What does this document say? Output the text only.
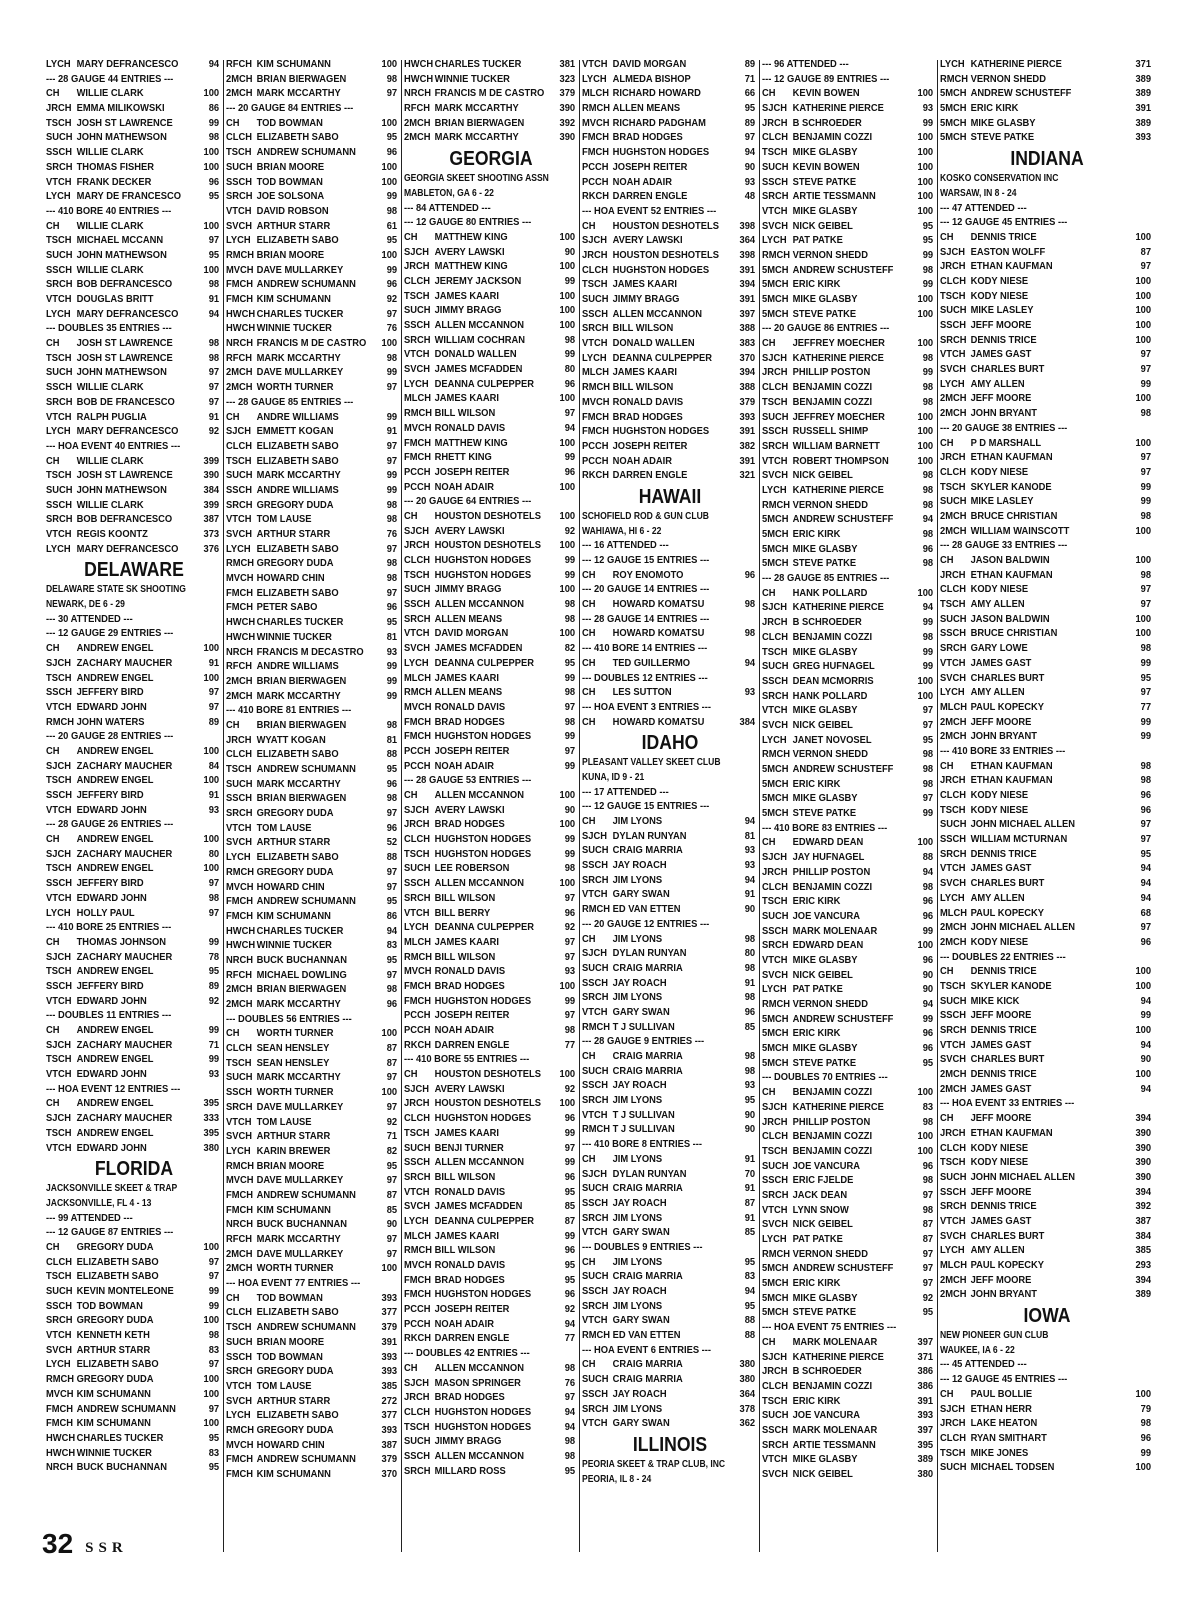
LYCH MARY DEFRANCESCO	94
--- 28 GAUGE 44 ENTRIES ---
CH	WILLIE CLARK	100
JRCH EMMA MILIKOWSKI	86
TSCH JOSH ST LAWRENCE	99
SUCH JOHN MATHEWSON	98
SSCH WILLIE CLARK	100
SRCH THOMAS FISHER	100
VTCH FRANK DECKER	96
LYCH MARY DE FRANCESCO	95
--- 410 BORE 40 ENTRIES ---
CH	WILLIE CLARK	100
TSCH MICHAEL MCCANN	97
SUCH JOHN MATHEWSON	95
SSCH WILLIE CLARK	100
SRCH BOB DEFRANCESCO	98
VTCH DOUGLAS BRITT	91
LYCH MARY DEFRANCESCO	94
--- DOUBLES 35 ENTRIES ---
CH	JOSH ST LAWRENCE	98
TSCH JOSH ST LAWRENCE	98
SUCH JOHN MATHEWSON	97
SSCH WILLIE CLARK	97
SRCH BOB DE FRANCESCO	97
VTCH RALPH PUGLIA	91
LYCH MARY DEFRANCESCO	92
--- HOA EVENT 40 ENTRIES ---
CH	WILLIE CLARK	399
TSCH JOSH ST LAWRENCE	390
SUCH JOHN MATHEWSON	384
SSCH WILLIE CLARK	399
SRCH BOB DEFRANCESCO	387
VTCH REGIS KOONTZ	373
LYCH MARY DEFRANCESCO	376
DELAWARE
DELAWARE STATE SK SHOOTING
NEWARK, DE 6 - 29
--- 30 ATTENDED ---
--- 12 GAUGE 29 ENTRIES ---
CH	ANDREW ENGEL	100
SJCH ZACHARY MAUCHER	91
TSCH ANDREW ENGEL	100
SSCH JEFFERY BIRD	97
VTCH EDWARD JOHN	97
RMCH JOHN WATERS	89
--- 20 GAUGE 28 ENTRIES ---
CH	ANDREW ENGEL	100
SJCH ZACHARY MAUCHER	84
TSCH ANDREW ENGEL	100
SSCH JEFFERY BIRD	91
VTCH EDWARD JOHN	93
--- 28 GAUGE 26 ENTRIES ---
CH	ANDREW ENGEL	100
SJCH ZACHARY MAUCHER	80
TSCH ANDREW ENGEL	100
SSCH JEFFERY BIRD	97
VTCH EDWARD JOHN	98
LYCH HOLLY PAUL	97
--- 410 BORE 25 ENTRIES ---
CH	THOMAS JOHNSON	99
SJCH ZACHARY MAUCHER	78
TSCH ANDREW ENGEL	95
SSCH JEFFERY BIRD	89
VTCH EDWARD JOHN	92
--- DOUBLES 11 ENTRIES ---
CH	ANDREW ENGEL	99
SJCH ZACHARY MAUCHER	71
TSCH ANDREW ENGEL	99
VTCH EDWARD JOHN	93
--- HOA EVENT 12 ENTRIES ---
CH	ANDREW ENGEL	395
SJCH ZACHARY MAUCHER	333
TSCH ANDREW ENGEL	395
VTCH EDWARD JOHN	380
FLORIDA
JACKSONVILLE SKEET & TRAP
JACKSONVILLE, FL 4 - 13
--- 99 ATTENDED ---
--- 12 GAUGE 87 ENTRIES ---
CH	GREGORY DUDA	100
CLCH ELIZABETH SABO	97
TSCH ELIZABETH SABO	97
SUCH KEVIN MONTELEONE	99
SSCH TOD BOWMAN	99
SRCH GREGORY DUDA	100
VTCH KENNETH KETH	98
SVCH ARTHUR STARR	83
LYCH ELIZABETH SABO	97
RMCH GREGORY DUDA	100
MVCH KIM SCHUMANN	100
FMCH ANDREW SCHUMANN	97
FMCH KIM SCHUMANN	100
HWCH CHARLES TUCKER	95
HWCH WINNIE TUCKER	83
NRCH BUCK BUCHANNAN	95
RFCH KIM SCHUMANN	100
2MCH BRIAN BIERWAGEN	98
2MCH MARK MCCARTHY	97
--- 20 GAUGE 84 ENTRIES ---
CH	TOD BOWMAN	100
CLCH ELIZABETH SABO	95
TSCH ANDREW SCHUMANN	96
SUCH BRIAN MOORE	100
SSCH TOD BOWMAN	100
SRCH JOE SOLSONA	99
VTCH DAVID ROBSON	98
SVCH ARTHUR STARR	61
LYCH ELIZABETH SABO	95
RMCH BRIAN MOORE	100
MVCH DAVE MULLARKEY	99
FMCH ANDREW SCHUMANN	96
FMCH KIM SCHUMANN	92
HWCH CHARLES TUCKER	97
HWCH WINNIE TUCKER	76
NRCH FRANCIS M DE CASTRO	100
RFCH MARK MCCARTHY	98
2MCH DAVE MULLARKEY	99
2MCH WORTH TURNER	97
--- 28 GAUGE 85 ENTRIES ---
CH	ANDRE WILLIAMS	99
SJCH EMMETT KOGAN	91
CLCH ELIZABETH SABO	97
TSCH ELIZABETH SABO	97
SUCH MARK MCCARTHY	99
SSCH ANDRE WILLIAMS	99
SRCH GREGORY DUDA	98
VTCH TOM LAUSE	98
SVCH ARTHUR STARR	76
LYCH ELIZABETH SABO	97
RMCH GREGORY DUDA	98
MVCH HOWARD CHIN	98
FMCH ELIZABETH SABO	97
FMCH PETER SABO	96
HWCH CHARLES TUCKER	95
HWCH WINNIE TUCKER	81
NRCH FRANCIS M DECASTRO	93
RFCH ANDRE WILLIAMS	99
2MCH BRIAN BIERWAGEN	99
2MCH MARK MCCARTHY	99
--- 410 BORE 81 ENTRIES ---
CH	BRIAN BIERWAGEN	98
JRCH WYATT KOGAN	81
CLCH ELIZABETH SABO	88
TSCH ANDREW SCHUMANN	95
SUCH MARK MCCARTHY	96
SSCH BRIAN BIERWAGEN	98
SRCH GREGORY DUDA	97
VTCH TOM LAUSE	96
SVCH ARTHUR STARR	52
LYCH ELIZABETH SABO	88
RMCH GREGORY DUDA	97
MVCH HOWARD CHIN	97
FMCH ANDREW SCHUMANN	95
FMCH KIM SCHUMANN	86
HWCH CHARLES TUCKER	94
HWCH WINNIE TUCKER	83
NRCH BUCK BUCHANNAN	95
RFCH MICHAEL DOWLING	97
2MCH BRIAN BIERWAGEN	98
2MCH MARK MCCARTHY	96
--- DOUBLES 56 ENTRIES ---
CH	WORTH TURNER	100
CLCH SEAN HENSLEY	87
TSCH SEAN HENSLEY	87
SUCH MARK MCCARTHY	97
SSCH WORTH TURNER	100
SRCH DAVE MULLARKEY	97
VTCH TOM LAUSE	92
SVCH ARTHUR STARR	71
LYCH KARIN BREWER	82
RMCH BRIAN MOORE	95
MVCH DAVE MULLARKEY	97
FMCH ANDREW SCHUMANN	87
FMCH KIM SCHUMANN	85
NRCH BUCK BUCHANNAN	90
RFCH MARK MCCARTHY	97
2MCH DAVE MULLARKEY	97
2MCH WORTH TURNER	100
--- HOA EVENT 77 ENTRIES ---
CH	TOD BOWMAN	393
CLCH ELIZABETH SABO	377
TSCH ANDREW SCHUMANN	379
SUCH BRIAN MOORE	391
SSCH TOD BOWMAN	393
SRCH GREGORY DUDA	393
VTCH TOM LAUSE	385
SVCH ARTHUR STARR	272
LYCH ELIZABETH SABO	377
RMCH GREGORY DUDA	393
MVCH HOWARD CHIN	387
FMCH ANDREW SCHUMANN	379
FMCH KIM SCHUMANN	370
HWCH CHARLES TUCKER	381
HWCH WINNIE TUCKER	323
NRCH FRANCIS M DE CASTRO	379
RFCH MARK MCCARTHY	390
2MCH BRIAN BIERWAGEN	392
2MCH MARK MCCARTHY	390
GEORGIA
GEORGIA SKEET SHOOTING ASSN
MABLETON, GA 6 - 22
--- 84 ATTENDED ---
--- 12 GAUGE 80 ENTRIES ---
CH	MATTHEW KING	100
SJCH AVERY LAWSKI	90
JRCH MATTHEW KING	100
CLCH JEREMY JACKSON	99
TSCH JAMES KAARI	100
SUCH JIMMY BRAGG	100
SSCH ALLEN MCCANNON	100
SRCH WILLIAM COCHRAN	98
VTCH DONALD WALLEN	99
SVCH JAMES MCFADDEN	80
LYCH DEANNA CULPEPPER	96
MLCH JAMES KAARI	100
RMCH BILL WILSON	97
MVCH RONALD DAVIS	94
FMCH MATTHEW KING	100
FMCH RHETT KING	99
PCCH JOSEPH REITER	96
PCCH NOAH ADAIR	100
--- 20 GAUGE 64 ENTRIES ---
CH	HOUSTON DESHOTELS	100
SJCH AVERY LAWSKI	92
JRCH HOUSTON DESHOTELS	100
CLCH HUGHSTON HODGES	99
TSCH HUGHSTON HODGES	99
SUCH JIMMY BRAGG	100
SSCH ALLEN MCCANNON	98
SRCH ALLEN MEANS	98
VTCH DAVID MORGAN	100
SVCH JAMES MCFADDEN	82
LYCH DEANNA CULPEPPER	95
MLCH JAMES KAARI	99
RMCH ALLEN MEANS	98
MVCH RONALD DAVIS	97
FMCH BRAD HODGES	98
FMCH HUGHSTON HODGES	99
PCCH JOSEPH REITER	97
PCCH NOAH ADAIR	99
--- 28 GAUGE 53 ENTRIES ---
CH	ALLEN MCCANNON	100
SJCH AVERY LAWSKI	90
JRCH BRAD HODGES	100
CLCH HUGHSTON HODGES	99
TSCH HUGHSTON HODGES	99
SUCH LEE ROBERSON	98
SSCH ALLEN MCCANNON	100
SRCH BILL WILSON	97
VTCH BILL BERRY	96
LYCH DEANNA CULPEPPER	92
MLCH JAMES KAARI	97
RMCH BILL WILSON	97
MVCH RONALD DAVIS	93
FMCH BRAD HODGES	100
FMCH HUGHSTON HODGES	99
PCCH JOSEPH REITER	97
PCCH NOAH ADAIR	98
RKCH DARREN ENGLE	77
--- 410 BORE 55 ENTRIES ---
CH	HOUSTON DESHOTELS	100
SJCH AVERY LAWSKI	92
JRCH HOUSTON DESHOTELS	100
CLCH HUGHSTON HODGES	96
TSCH JAMES KAARI	99
SUCH BENJI TURNER	97
SSCH ALLEN MCCANNON	99
SRCH BILL WILSON	96
VTCH RONALD DAVIS	95
SVCH JAMES MCFADDEN	85
LYCH DEANNA CULPEPPER	87
MLCH JAMES KAARI	99
RMCH BILL WILSON	96
MVCH RONALD DAVIS	95
FMCH BRAD HODGES	95
FMCH HUGHSTON HODGES	96
PCCH JOSEPH REITER	92
PCCH NOAH ADAIR	94
RKCH DARREN ENGLE	77
--- DOUBLES 42 ENTRIES ---
CH	ALLEN MCCANNON	98
SJCH MASON SPRINGER	76
JRCH BRAD HODGES	97
CLCH HUGHSTON HODGES	94
TSCH HUGHSTON HODGES	94
SUCH JIMMY BRAGG	98
SSCH ALLEN MCCANNON	98
SRCH MILLARD ROSS	95
VTCH DAVID MORGAN	89
LYCH ALMEDA BISHOP	71
MLCH RICHARD HOWARD	66
RMCH ALLEN MEANS	95
MVCH RICHARD PADGHAM	89
FMCH BRAD HODGES	97
FMCH HUGHSTON HODGES	94
PCCH JOSEPH REITER	90
PCCH NOAH ADAIR	93
RKCH DARREN ENGLE	48
--- HOA EVENT 52 ENTRIES ---
CH	HOUSTON DESHOTELS	398
SJCH AVERY LAWSKI	364
JRCH HOUSTON DESHOTELS	398
CLCH HUGHSTON HODGES	391
TSCH JAMES KAARI	394
SUCH JIMMY BRAGG	391
SSCH ALLEN MCCANNON	397
SRCH BILL WILSON	388
VTCH DONALD WALLEN	383
LYCH DEANNA CULPEPPER	370
MLCH JAMES KAARI	394
RMCH BILL WILSON	388
MVCH RONALD DAVIS	379
FMCH BRAD HODGES	393
FMCH HUGHSTON HODGES	391
PCCH JOSEPH REITER	382
PCCH NOAH ADAIR	391
RKCH DARREN ENGLE	321
HAWAII
SCHOFIELD ROD & GUN CLUB
WAHIAWA, HI 6 - 22
--- 16 ATTENDED ---
--- 12 GAUGE 15 ENTRIES ---
CH	ROY ENOMOTO	96
--- 20 GAUGE 14 ENTRIES ---
CH	HOWARD KOMATSU	98
--- 28 GAUGE 14 ENTRIES ---
CH	HOWARD KOMATSU	98
--- 410 BORE 14 ENTRIES ---
CH	TED GUILLERMO	94
--- DOUBLES 12 ENTRIES ---
CH	LES SUTTON	93
--- HOA EVENT 3 ENTRIES ---
CH	HOWARD KOMATSU	384
IDAHO
PLEASANT VALLEY SKEET CLUB
KUNA, ID 9 - 21
--- 17 ATTENDED ---
--- 12 GAUGE 15 ENTRIES ---
CH	JIM LYONS	94
SJCH DYLAN RUNYAN	81
SUCH CRAIG MARRIA	93
SSCH JAY ROACH	93
SRCH JIM LYONS	94
VTCH GARY SWAN	91
RMCH ED VAN ETTEN	90
--- 20 GAUGE 12 ENTRIES ---
CH	JIM LYONS	98
SJCH DYLAN RUNYAN	80
SUCH CRAIG MARRIA	98
SSCH JAY ROACH	91
SRCH JIM LYONS	98
VTCH GARY SWAN	96
RMCH T J SULLIVAN	85
--- 28 GAUGE 9 ENTRIES ---
CH	CRAIG MARRIA	98
SUCH CRAIG MARRIA	98
SSCH JAY ROACH	93
SRCH JIM LYONS	95
VTCH T J SULLIVAN	90
RMCH T J SULLIVAN	90
--- 410 BORE 8 ENTRIES ---
CH	JIM LYONS	91
SJCH DYLAN RUNYAN	70
SUCH CRAIG MARRIA	91
SSCH JAY ROACH	87
SRCH JIM LYONS	91
VTCH GARY SWAN	85
--- DOUBLES 9 ENTRIES ---
CH	JIM LYONS	95
SUCH CRAIG MARRIA	83
SSCH JAY ROACH	94
SRCH JIM LYONS	95
VTCH GARY SWAN	88
RMCH ED VAN ETTEN	88
--- HOA EVENT 6 ENTRIES ---
CH	CRAIG MARRIA	380
SUCH CRAIG MARRIA	380
SSCH JAY ROACH	364
SRCH JIM LYONS	378
VTCH GARY SWAN	362
ILLINOIS
PEORIA SKEET & TRAP CLUB, INC
PEORIA, IL 8 - 24
--- 96 ATTENDED ---
--- 12 GAUGE 89 ENTRIES ---
CH	KEVIN BOWEN	100
SJCH KATHERINE PIERCE	93
JRCH B SCHROEDER	99
CLCH BENJAMIN COZZI	100
TSCH MIKE GLASBY	100
SUCH KEVIN BOWEN	100
SSCH STEVE PATKE	100
SRCH ARTIE TESSMANN	100
VTCH MIKE GLASBY	100
SVCH NICK GEIBEL	95
LYCH PAT PATKE	95
RMCH VERNON SHEDD	99
5MCH ANDREW SCHUSTEFF	98
5MCH ERIC KIRK	99
5MCH MIKE GLASBY	100
5MCH STEVE PATKE	100
--- 20 GAUGE 86 ENTRIES ---
CH	JEFFREY MOECHER	100
SJCH KATHERINE PIERCE	98
JRCH PHILLIP POSTON	99
CLCH BENJAMIN COZZI	98
TSCH BENJAMIN COZZI	98
SUCH JEFFREY MOECHER	100
SSCH RUSSELL SHIMP	100
SRCH WILLIAM BARNETT	100
VTCH ROBERT THOMPSON	100
SVCH NICK GEIBEL	98
LYCH KATHERINE PIERCE	98
RMCH VERNON SHEDD	98
5MCH ANDREW SCHUSTEFF	94
5MCH ERIC KIRK	98
5MCH MIKE GLASBY	96
5MCH STEVE PATKE	98
--- 28 GAUGE 85 ENTRIES ---
CH	HANK POLLARD	100
SJCH KATHERINE PIERCE	94
JRCH B SCHROEDER	99
CLCH BENJAMIN COZZI	98
TSCH MIKE GLASBY	99
SUCH GREG HUFNAGEL	99
SSCH DEAN MCMORRIS	100
SRCH HANK POLLARD	100
VTCH MIKE GLASBY	97
SVCH NICK GEIBEL	97
LYCH JANET NOVOSEL	95
RMCH VERNON SHEDD	98
5MCH ANDREW SCHUSTEFF	98
5MCH ERIC KIRK	98
5MCH MIKE GLASBY	97
5MCH STEVE PATKE	99
--- 410 BORE 83 ENTRIES ---
CH	EDWARD DEAN	100
SJCH JAY HUFNAGEL	88
JRCH PHILLIP POSTON	94
CLCH BENJAMIN COZZI	98
TSCH ERIC KIRK	96
SUCH JOE VANCURA	96
SSCH MARK MOLENAAR	99
SRCH EDWARD DEAN	100
VTCH MIKE GLASBY	96
SVCH NICK GEIBEL	90
LYCH PAT PATKE	90
RMCH VERNON SHEDD	94
5MCH ANDREW SCHUSTEFF	99
5MCH ERIC KIRK	96
5MCH MIKE GLASBY	96
5MCH STEVE PATKE	95
--- DOUBLES 70 ENTRIES ---
CH	BENJAMIN COZZI	100
SJCH KATHERINE PIERCE	83
JRCH PHILLIP POSTON	98
CLCH BENJAMIN COZZI	100
TSCH BENJAMIN COZZI	100
SUCH JOE VANCURA	96
SSCH ERIC FJELDE	98
SRCH JACK DEAN	97
VTCH LYNN SNOW	98
SVCH NICK GEIBEL	87
LYCH PAT PATKE	87
RMCH VERNON SHEDD	97
5MCH ANDREW SCHUSTEFF	97
5MCH ERIC KIRK	97
5MCH MIKE GLASBY	92
5MCH STEVE PATKE	95
--- HOA EVENT 75 ENTRIES ---
CH	MARK MOLENAAR	397
SJCH KATHERINE PIERCE	371
JRCH B SCHROEDER	386
CLCH BENJAMIN COZZI	386
TSCH ERIC KIRK	391
SUCH JOE VANCURA	393
SSCH MARK MOLENAAR	397
SRCH ARTIE TESSMANN	395
VTCH MIKE GLASBY	389
SVCH NICK GEIBEL	380
LYCH KATHERINE PIERCE	371
RMCH VERNON SHEDD	389
5MCH ANDREW SCHUSTEFF	389
5MCH ERIC KIRK	391
5MCH MIKE GLASBY	389
5MCH STEVE PATKE	393
INDIANA
KOSKO CONSERVATION INC
WARSAW, IN 8 - 24
--- 47 ATTENDED ---
--- 12 GAUGE 45 ENTRIES ---
CH	DENNIS TRICE	100
SJCH EASTON WOLFF	87
JRCH ETHAN KAUFMAN	97
CLCH KODY NIESE	100
TSCH KODY NIESE	100
SUCH MIKE LASLEY	100
SSCH JEFF MOORE	100
SRCH DENNIS TRICE	100
VTCH JAMES GAST	97
SVCH CHARLES BURT	97
LYCH AMY ALLEN	99
2MCH JEFF MOORE	100
2MCH JOHN BRYANT	98
--- 20 GAUGE 38 ENTRIES ---
CH	P D MARSHALL	100
JRCH ETHAN KAUFMAN	97
CLCH KODY NIESE	97
TSCH SKYLER KANODE	99
SUCH MIKE LASLEY	99
2MCH BRUCE CHRISTIAN	98
2MCH WILLIAM WAINSCOTT	100
--- 28 GAUGE 33 ENTRIES ---
CH	JASON BALDWIN	100
JRCH ETHAN KAUFMAN	98
CLCH KODY NIESE	97
TSCH AMY ALLEN	97
SUCH JASON BALDWIN	100
SSCH BRUCE CHRISTIAN	100
SRCH GARY LOWE	98
VTCH JAMES GAST	99
SVCH CHARLES BURT	95
LYCH AMY ALLEN	97
MLCH PAUL KOPECKY	77
2MCH JEFF MOORE	99
2MCH JOHN BRYANT	99
--- 410 BORE 33 ENTRIES ---
CH	ETHAN KAUFMAN	98
JRCH ETHAN KAUFMAN	98
CLCH KODY NIESE	96
TSCH KODY NIESE	96
SUCH JOHN MICHAEL ALLEN	97
SSCH WILLIAM MCTURNAN	97
SRCH DENNIS TRICE	95
VTCH JAMES GAST	94
SVCH CHARLES BURT	94
LYCH AMY ALLEN	94
MLCH PAUL KOPECKY	68
2MCH JOHN MICHAEL ALLEN	97
2MCH KODY NIESE	96
--- DOUBLES 22 ENTRIES ---
CH	DENNIS TRICE	100
TSCH SKYLER KANODE	100
SUCH MIKE KICK	94
SSCH JEFF MOORE	99
SRCH DENNIS TRICE	100
VTCH JAMES GAST	94
SVCH CHARLES BURT	90
2MCH DENNIS TRICE	100
2MCH JAMES GAST	94
--- HOA EVENT 33 ENTRIES ---
CH	JEFF MOORE	394
JRCH ETHAN KAUFMAN	390
CLCH KODY NIESE	390
TSCH KODY NIESE	390
SUCH JOHN MICHAEL ALLEN	390
SSCH JEFF MOORE	394
SRCH DENNIS TRICE	392
VTCH JAMES GAST	387
SVCH CHARLES BURT	384
LYCH AMY ALLEN	385
MLCH PAUL KOPECKY	293
2MCH JEFF MOORE	394
2MCH JOHN BRYANT	389
IOWA
NEW PIONEER GUN CLUB
WAUKEE, IA 6 - 22
--- 45 ATTENDED ---
--- 12 GAUGE 45 ENTRIES ---
CH	PAUL BOLLIE	100
SJCH ETHAN HERR	79
JRCH LAKE HEATON	98
CLCH RYAN SMITHART	96
TSCH MIKE JONES	99
SUCH MICHAEL TODSEN	100
32 SSR
